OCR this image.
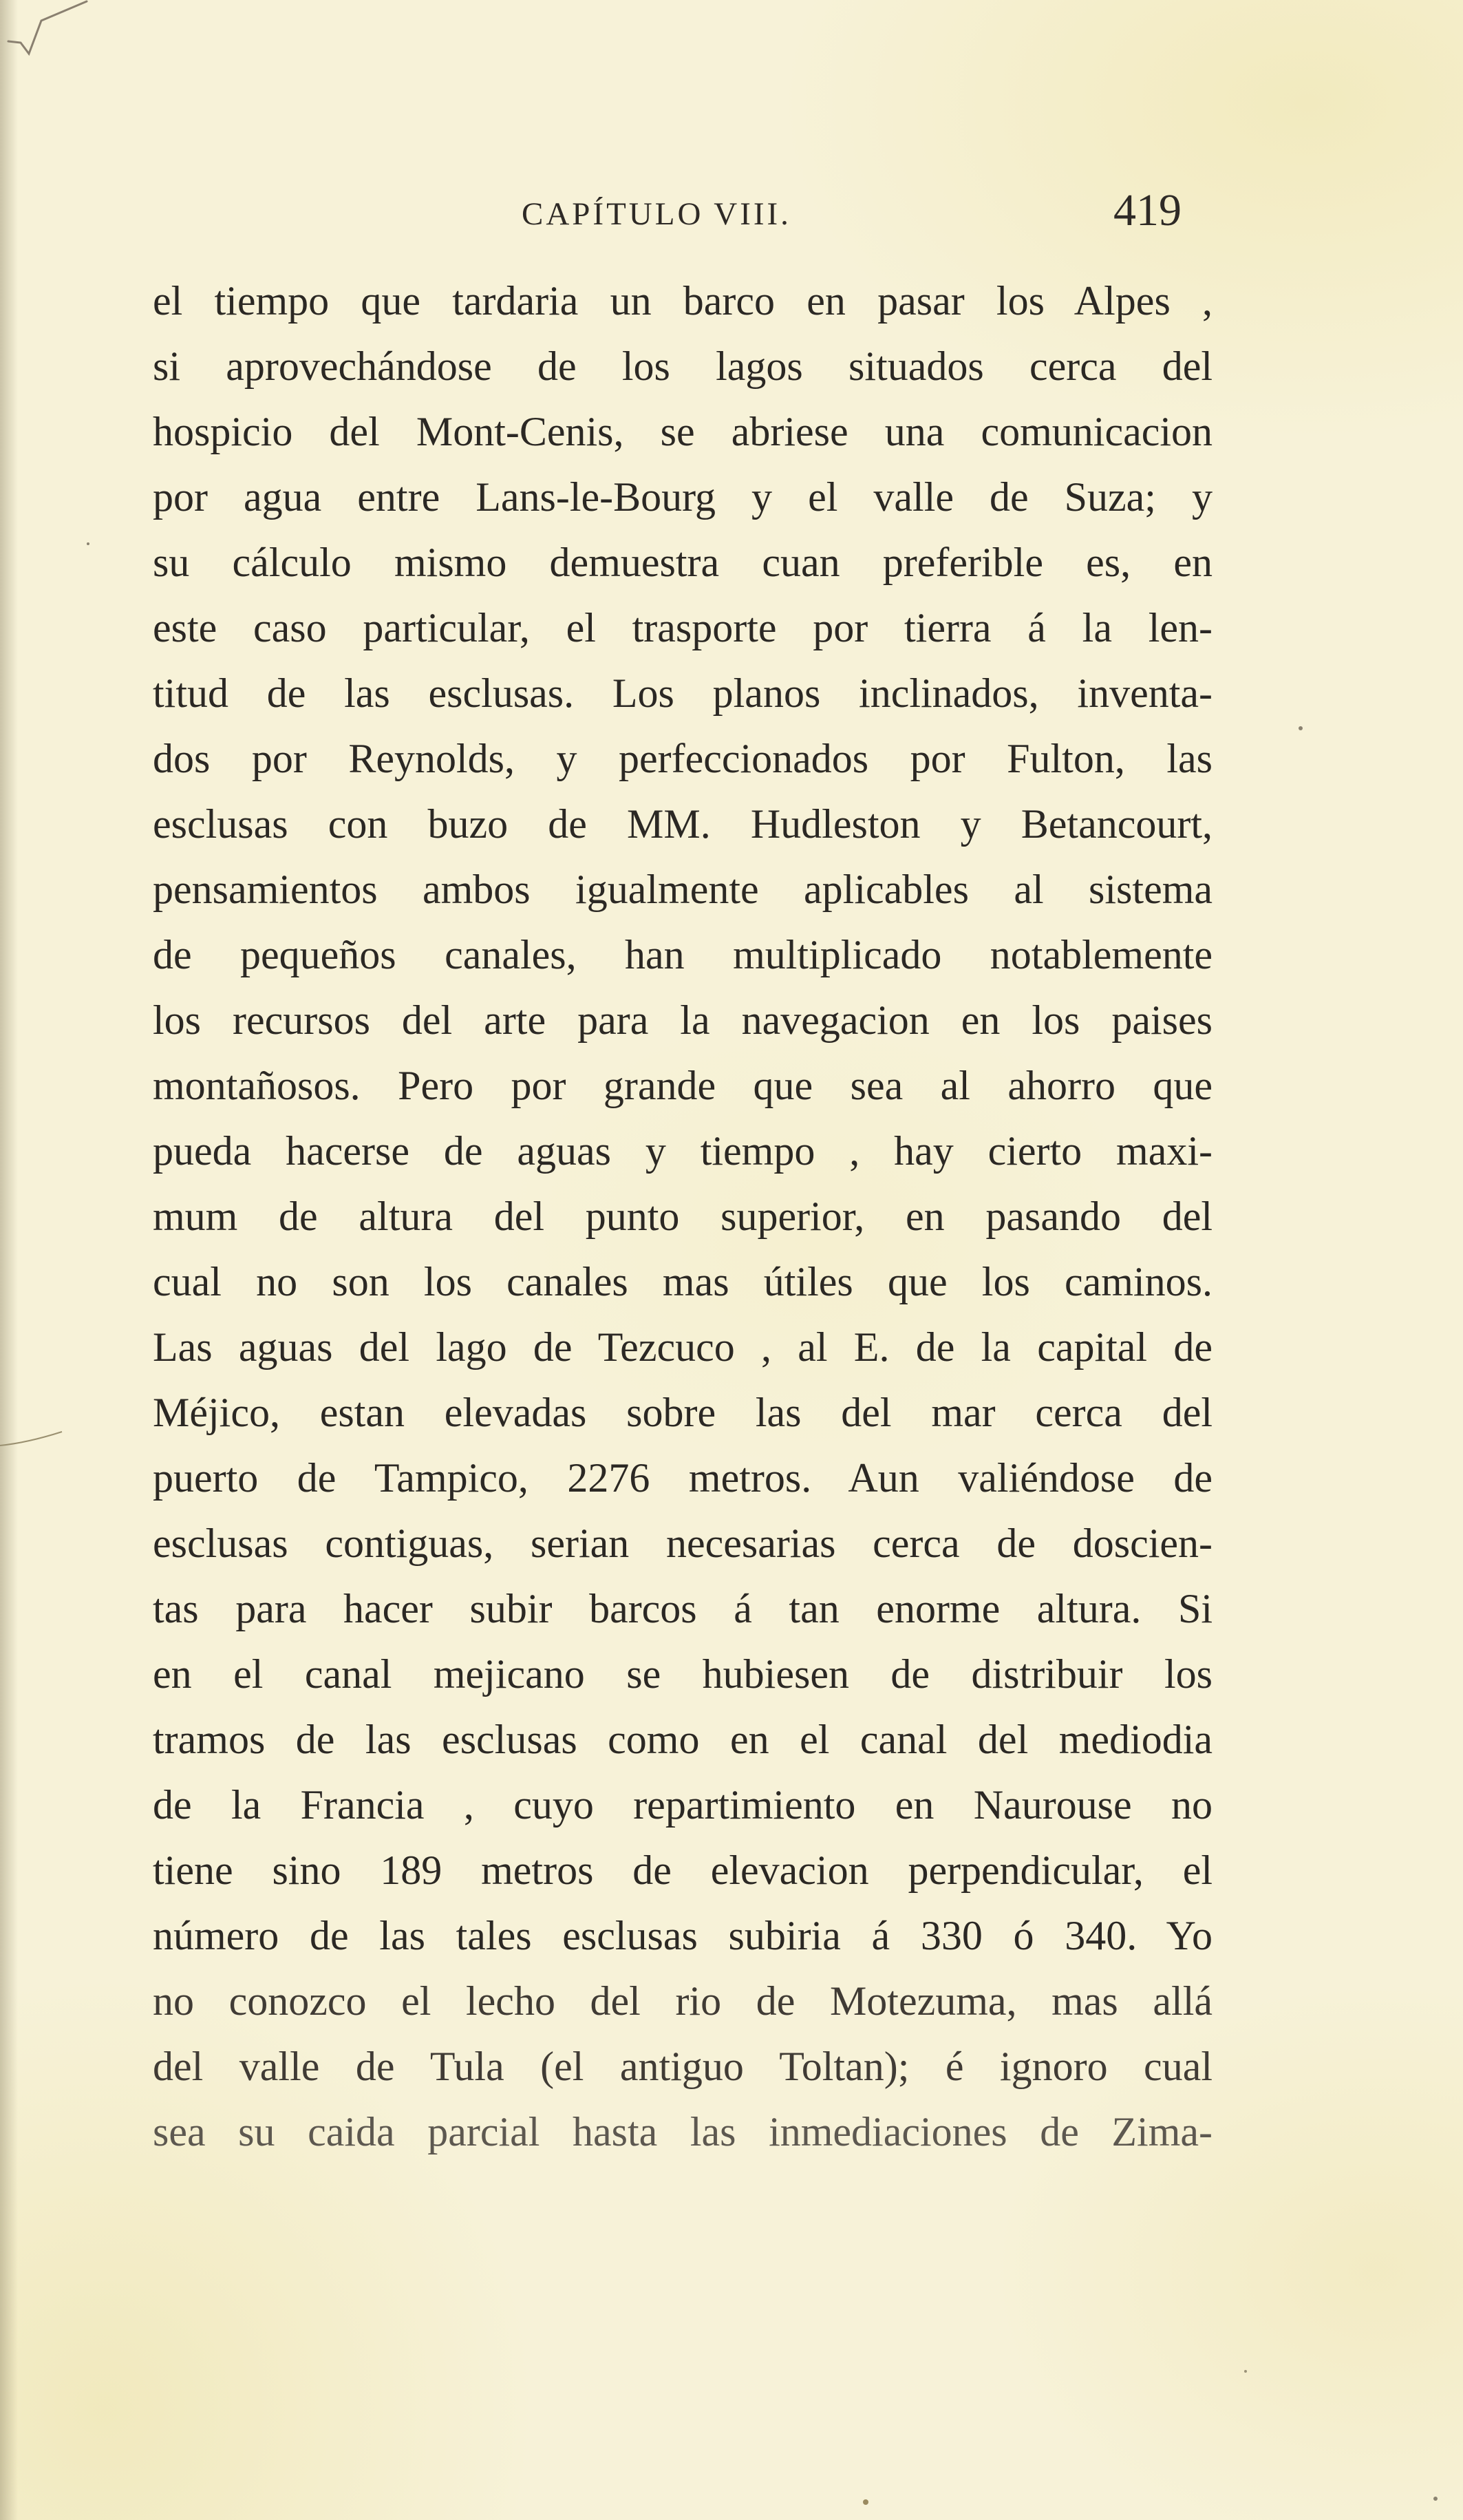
CAPÍTULO VIII.	419
el tiempo que tardaria un barco en pasar los Alpes ,
si aprovechándose de los lagos situados cerca del
hospicio del Mont-Cenis, se abriese una comunicacion
por agua entre Lans-le-Bourg y el valle de Suza; y
su cálculo mismo demuestra cuan preferible es, en
este caso particular, el trasporte por tierra á la len-
titud de las esclusas. Los planos inclinados, inventa-
dos por Reynolds, y perfeccionados por Fulton, las
esclusas con buzo de MM. Hudleston y Betancourt,
pensamientos ambos igualmente aplicables al sistema
de pequeños canales, han multiplicado notablemente
los recursos del arte para la navegacion en los paises
montañosos. Pero por grande que sea al ahorro que
pueda hacerse de aguas y tiempo , hay cierto maxi-
mum de altura del punto superior, en pasando del
cual no son los canales mas útiles que los caminos.
Las aguas del lago de Tezcuco , al E. de la capital de
Méjico, estan elevadas sobre las del mar cerca del
puerto de Tampico, 2276 metros. Aun valiéndose de
esclusas contiguas, serian necesarias cerca de doscien-
tas para hacer subir barcos á tan enorme altura. Si
en el canal mejicano se hubiesen de distribuir los
tramos de las esclusas como en el canal del mediodia
de la Francia , cuyo repartimiento en Naurouse no
tiene sino 189 metros de elevacion perpendicular, el
número de las tales esclusas subiria á 330 ó 340. Yo
no conozco el lecho del rio de Motezuma, mas allá
del valle de Tula (el antiguo Toltan); é ignoro cual
sea su caida parcial hasta las inmediaciones de Zima-
